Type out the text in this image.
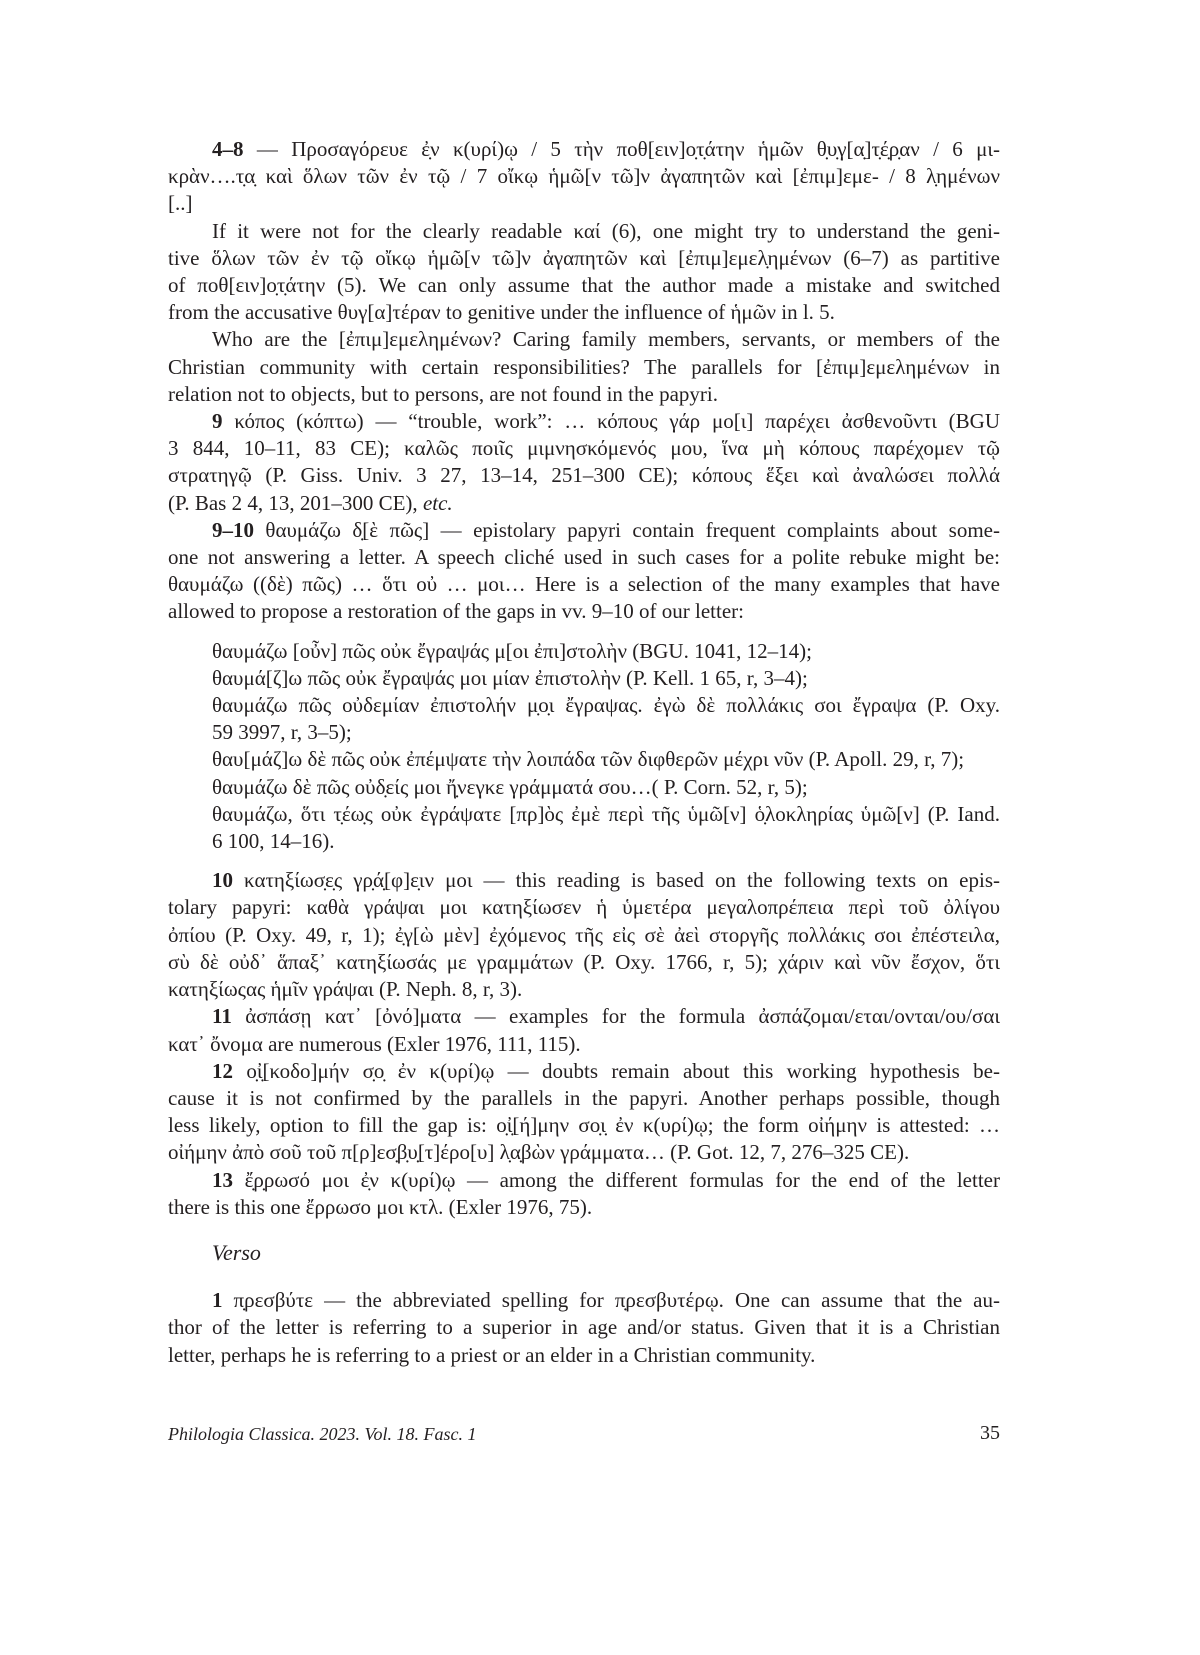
4–8 — Προσαγόρευε ἐ̣ν κ(υρί)ῳ / 5 τὴν ποθ[ειν]ο̣τ̣άτην ἡμῶν θ̣υ̣γ[α̣]τ̣έ̣ρ̣αν / 6 μι-
κρὰν….τ̣α̣ καὶ ὅλων τῶν ἐν τῷ / 7 οἴκῳ ἡμῶ[ν τῶ]ν ἀγαπητῶν καὶ [ἐπιμ]εμε- / 8 λ̣ημένων
[..]
If it were not for the clearly readable καί (6), one might try to understand the geni-
tive ὅλων τῶν ἐν τῷ οἴκῳ ἡμῶ[ν τῶ]ν ἀγαπητῶν καὶ [ἐπιμ]εμελ̣ημένων (6–7) as partitive
of ποθ[ειν]ο̣τ̣άτην (5). We can only assume that the author made a mistake and switched
from the accusative θυγ[α]τέραν to genitive under the influence of ἡμῶν in l. 5.
Who are the [ἐπιμ]εμελημένων? Caring family members, servants, or members of the
Christian community with certain responsibilities? The parallels for [ἐπιμ]εμελημένων in
relation not to objects, but to persons, are not found in the papyri.
9 κόπος (κόπτω) — “trouble, work”: … κόπους γάρ μο[ι] παρέχει ἀσθενοῦντι (BGU
3 844, 10–11, 83 CE); καλῶς ποιῖς μιμνησκόμενός μου, ἵνα μὴ κόπους παρέχομεν τῷ
στρατηγῷ (P. Giss. Univ. 3 27, 13–14, 251–300 CE); κόπους ἕξει καὶ ἀναλώσει πολλά
(P. Bas 2 4, 13, 201–300 CE), etc.
9–10 θαυμάζω δ̣[ὲ πῶς] — epistolary papyri contain frequent complaints about some-
one not answering a letter. A speech cliché used in such cases for a polite rebuke might be:
θαυμάζω ((δὲ) πῶς) … ὅτι οὐ … μοι… Here is a selection of the many examples that have
allowed to propose a restoration of the gaps in vv. 9–10 of our letter:
θαυμάζω [οὖν] πῶς οὐκ ἔγραψάς μ[οι ἐπι]στολὴν (BGU. 1041, 12–14);
θαυμά[ζ]ω πῶς οὐκ ἔγραψάς μοι μίαν ἐπιστολὴν (P. Kell. 1 65, r, 3–4);
θαυμάζω πῶς οὐδεμίαν ἐπιστολήν μ̣ο̣ι ἔγραψας. ἐγὼ δὲ πολλάκις σοι ἔγραψα (P. Oxy.
59 3997, r, 3–5);
θαυ[μάζ]ω δὲ πῶς οὐκ ἐπέμψατε τὴν λοιπάδα τῶν διφθερῶν μέχρι νῦν (P. Apoll. 29, r, 7);
θαυμάζω δὲ πῶς οὐδ̣είς μοι ἤ̣νεγκε γράμματά σου…( P. Corn. 52, r, 5);
θαυμάζω, ὅτι τ̣έω̣ς οὐκ ἐγράψατε [πρ]ὸς ἐμὲ περὶ τῆς ὑμῶ[ν] ὁ̣λοκληρίας ὑμῶ[ν] (P. Iand.
6 100, 14–16).
10 κατηξίωσ̣ε̣ς γρ̣ά̣[φ]ε̣ιν μοι — this reading is based on the following texts on epis-
tolary papyri: καθὰ γράψαι μοι κατηξίωσεν ἡ ὑμετέρα μεγαλοπρέπεια περὶ τοῦ ὀλίγου
ὀπίου (P. Oxy. 49, r, 1); ἐ̣γ[ὼ μὲν] ἐχόμενος τῆς εἰς σὲ ἀεὶ στοργῆς πολλάκις σοι ἐπέστειλα,
σὺ δὲ οὐδ᾽ ἅπαξ᾽ κατηξίωσάς με γραμμάτων (P. Oxy. 1766, r, 5); χάριν καὶ νῦν ἔσχον, ὅτι
κατηξίωςας ἡμῖν γράψαι (P. Neph. 8, r, 3).
11 ἀσπάσῃ κατ᾽ [ὀνό]ματα — examples for the formula ἀσπάζομαι/εται/ονται/ου/σαι
κατ᾽ ὄνομα are numerous (Exler 1976, 111, 115).
12 ο̣ἰ̣[κοδο]μήν σ̣ο̣ ἐν κ(υρί)ῳ — doubts remain about this working hypothesis be-
cause it is not confirmed by the parallels in the papyri. Another perhaps possible, though
less likely, option to fill the gap is: ο̣ἰ̣[ή]μην σο̣ι̣ ἐν κ(υρί)ῳ; the form οἰήμην is attested: …
οἰήμην ἀπὸ σοῦ τοῦ π[ρ]εσ̣β̣υ̣[τ]έρο[υ] λ̣α̣βὼν γράμματα… (P. Got. 12, 7, 276–325 CE).
13 ἔ̣ρ̣ρωσό μοι ἐ̣ν κ(υρί)ῳ — among the different formulas for the end of the letter
there is this one ἔρρωσο μοι κτλ. (Exler 1976, 75).
Verso
1 π̣ρεσβύτε — the abbreviated spelling for π̣ρεσβυτέρῳ. One can assume that the au-
thor of the letter is referring to a superior in age and/or status. Given that it is a Christian
letter, perhaps he is referring to a priest or an elder in a Christian community.
Philologia Classica. 2023. Vol. 18. Fasc. 1	35
